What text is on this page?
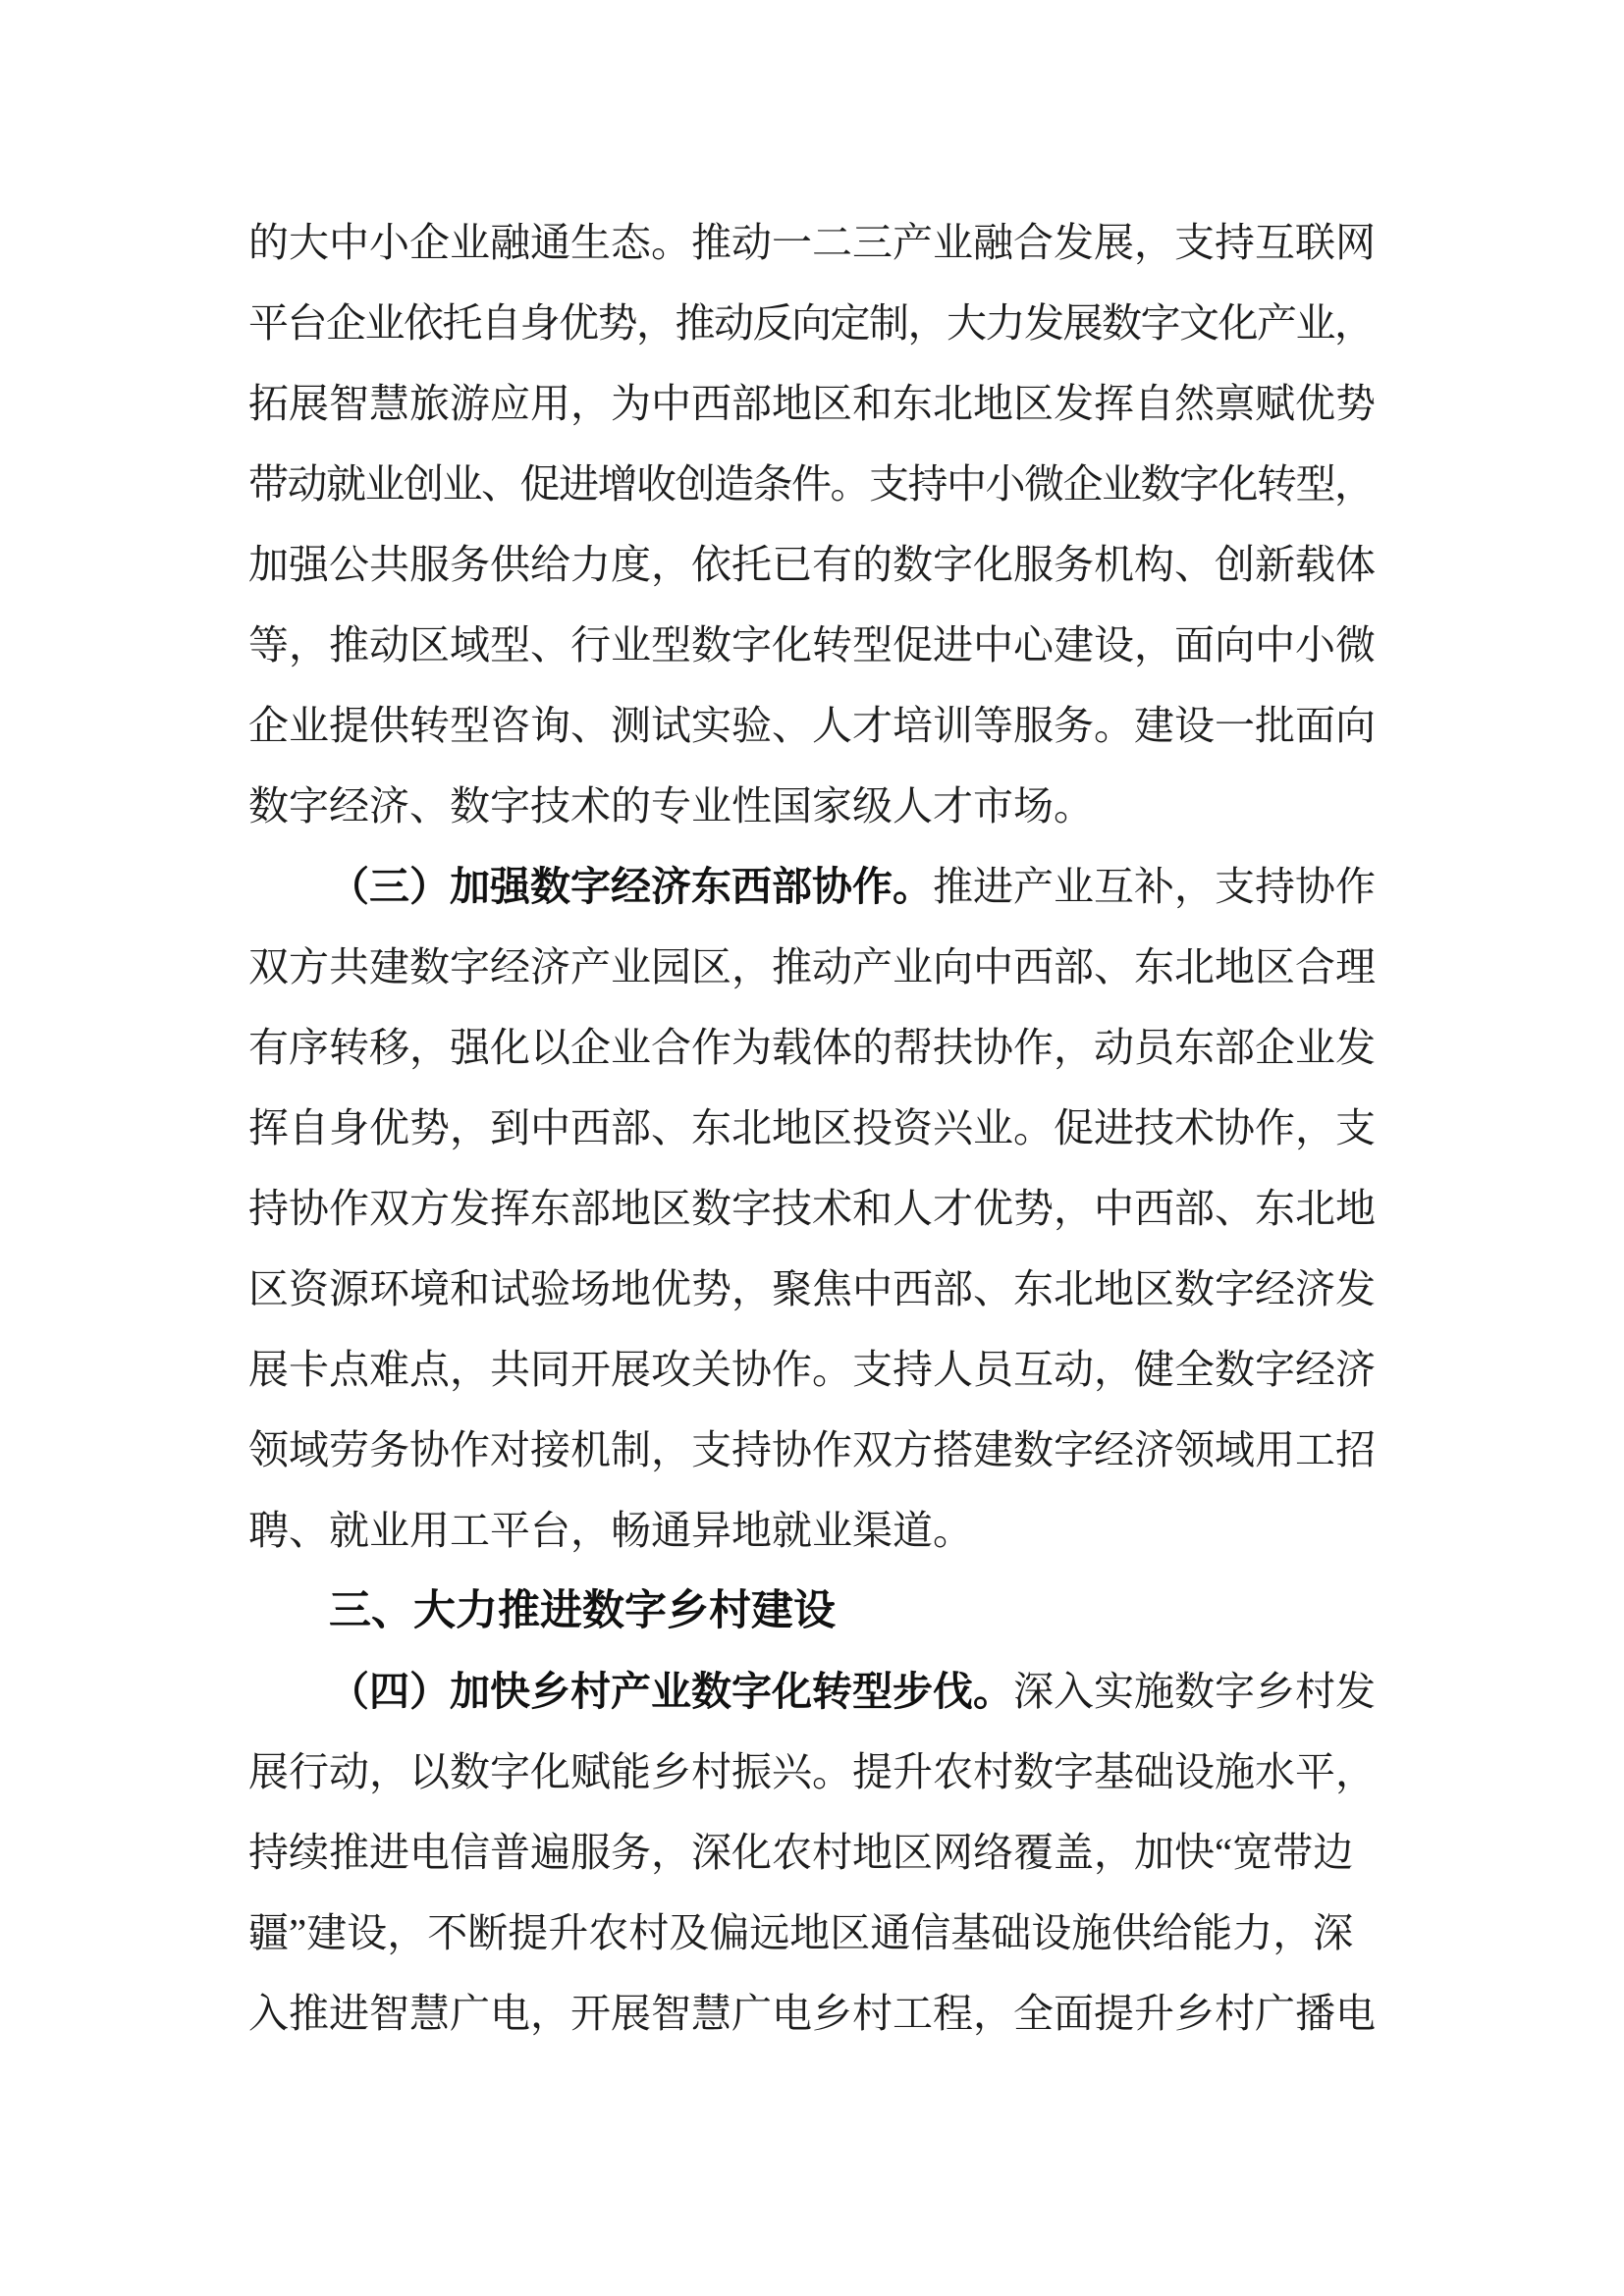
的大中小企业融通生态。推动一二三产业融合发展，支持互联网
平台企业依托自身优势，推动反向定制，大力发展数字文化产业，
拓展智慧旅游应用，为中西部地区和东北地区发挥自然禀赋优势
带动就业创业、促进增收创造条件。支持中小微企业数字化转型，
加强公共服务供给力度，依托已有的数字化服务机构、创新载体
等，推动区域型、行业型数字化转型促进中心建设，面向中小微
企业提供转型咨询、测试实验、人才培训等服务。建设一批面向
数字经济、数字技术的专业性国家级人才市场。
（三）加强数字经济东西部协作。推进产业互补，支持协作
双方共建数字经济产业园区，推动产业向中西部、东北地区合理
有序转移，强化以企业合作为载体的帮扶协作，动员东部企业发
挥自身优势，到中西部、东北地区投资兴业。促进技术协作，支
持协作双方发挥东部地区数字技术和人才优势，中西部、东北地
区资源环境和试验场地优势，聚焦中西部、东北地区数字经济发
展卡点难点，共同开展攻关协作。支持人员互动，健全数字经济
领域劳务协作对接机制，支持协作双方搭建数字经济领域用工招
聘、就业用工平台，畅通异地就业渠道。
三、大力推进数字乡村建设
（四）加快乡村产业数字化转型步伐。深入实施数字乡村发
展行动，以数字化赋能乡村振兴。提升农村数字基础设施水平，
持续推进电信普遍服务，深化农村地区网络覆盖，加快“宽带边
疆”建设，不断提升农村及偏远地区通信基础设施供给能力，深
入推进智慧广电，开展智慧广电乡村工程，全面提升乡村广播电
